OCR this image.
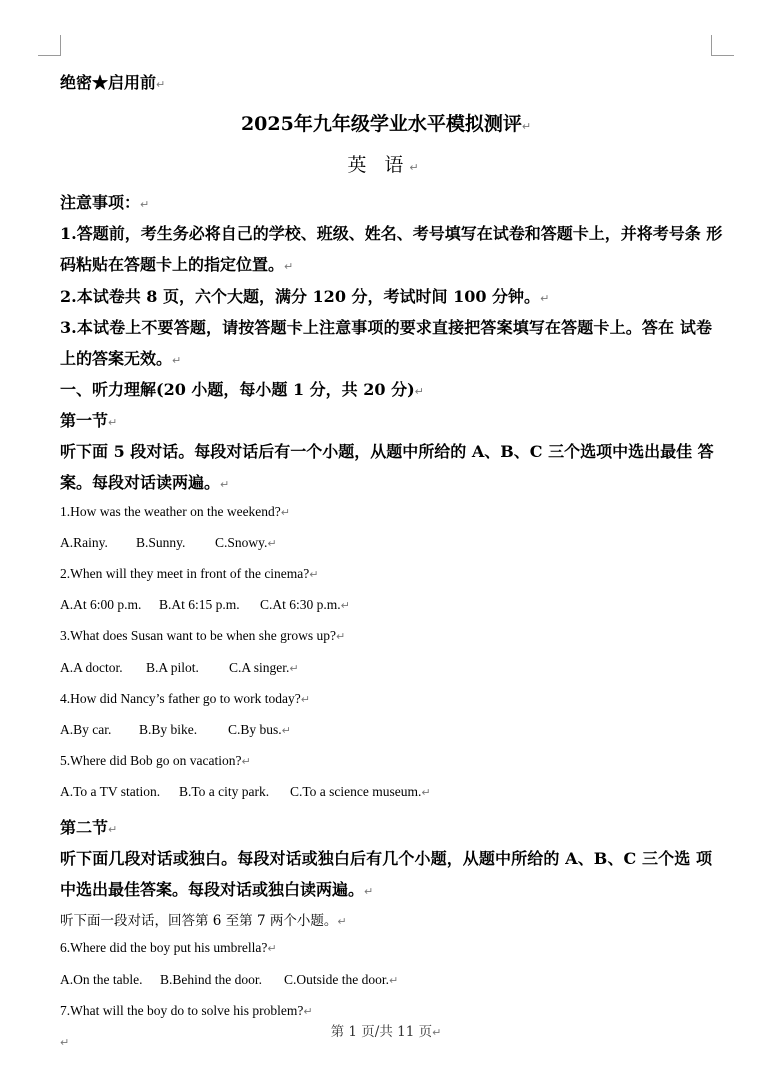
绝密★启用前↵
2025年九年级学业水平模拟测评↵
英 语↵
注意事项：↵
1.答题前，考生务必将自己的学校、班级、姓名、考号填写在试卷和答题卡上，并将考号条 形
码粘贴在答题卡上的指定位置。↵
2.本试卷共 8 页，六个大题，满分 120 分，考试时间 100 分钟。↵
3.本试卷上不要答题，请按答题卡上注意事项的要求直接把答案填写在答题卡上。答在 试卷
上的答案无效。↵
一、听力理解(20 小题，每小题 1 分，共 20 分)↵
第一节↵
听下面 5 段对话。每段对话后有一个小题，从题中所给的 A、B、C 三个选项中选出最佳 答
案。每段对话读两遍。↵
1.How was the weather on the weekend?↵
A.Rainy. B.Sunny. C.Snowy.↵
2.When will they meet in front of the cinema?↵
A.At 6:00 p.m. B.At 6:15 p.m. C.At 6:30 p.m.↵
3.What does Susan want to be when she grows up?↵
A.A doctor. B.A pilot. C.A singer.↵
4.How did Nancy’s father go to work today?↵
A.By car. B.By bike. C.By bus.↵
5.Where did Bob go on vacation?↵
A.To a TV station. B.To a city park. C.To a science museum.↵
第二节↵
听下面几段对话或独白。每段对话或独白后有几个小题，从题中所给的 A、B、C 三个选 项
中选出最佳答案。每段对话或独白读两遍。↵
听下面一段对话，回答第 6 至第 7 两个小题。↵
6.Where did the boy put his umbrella?↵
A.On the table. B.Behind the door. C.Outside the door.↵
7.What will the boy do to solve his problem?↵
第 1 页/共 11 页↵
↵
